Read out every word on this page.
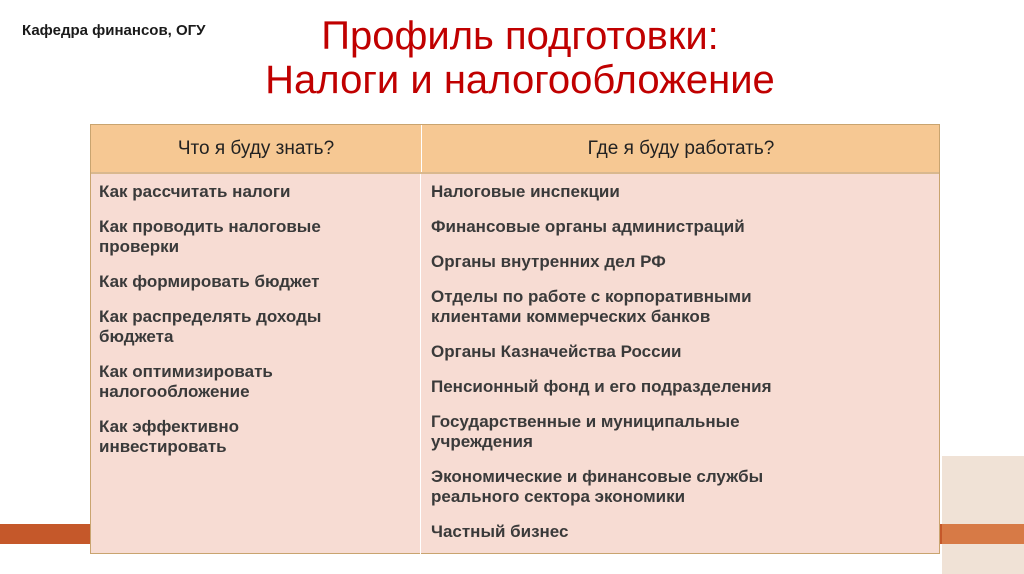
Кафедра финансов, ОГУ	Профиль подготовки:
Налоги и налогообложение
Что я буду знать?	Где я буду работать?
Как рассчитать налоги
Как проводить налоговые
проверки
Как формировать бюджет
Как распределять доходы
бюджета
Как оптимизировать
налогообложение
Как эффективно
инвестировать
Налоговые инспекции
Финансовые органы администраций
Органы внутренних дел РФ
Отделы по работе с корпоративными
клиентами коммерческих банков
Органы Казначейства России
Пенсионный фонд и его подразделения
Государственные и муниципальные
учреждения
Экономические и финансовые службы
реального сектора экономики
Частный бизнес
